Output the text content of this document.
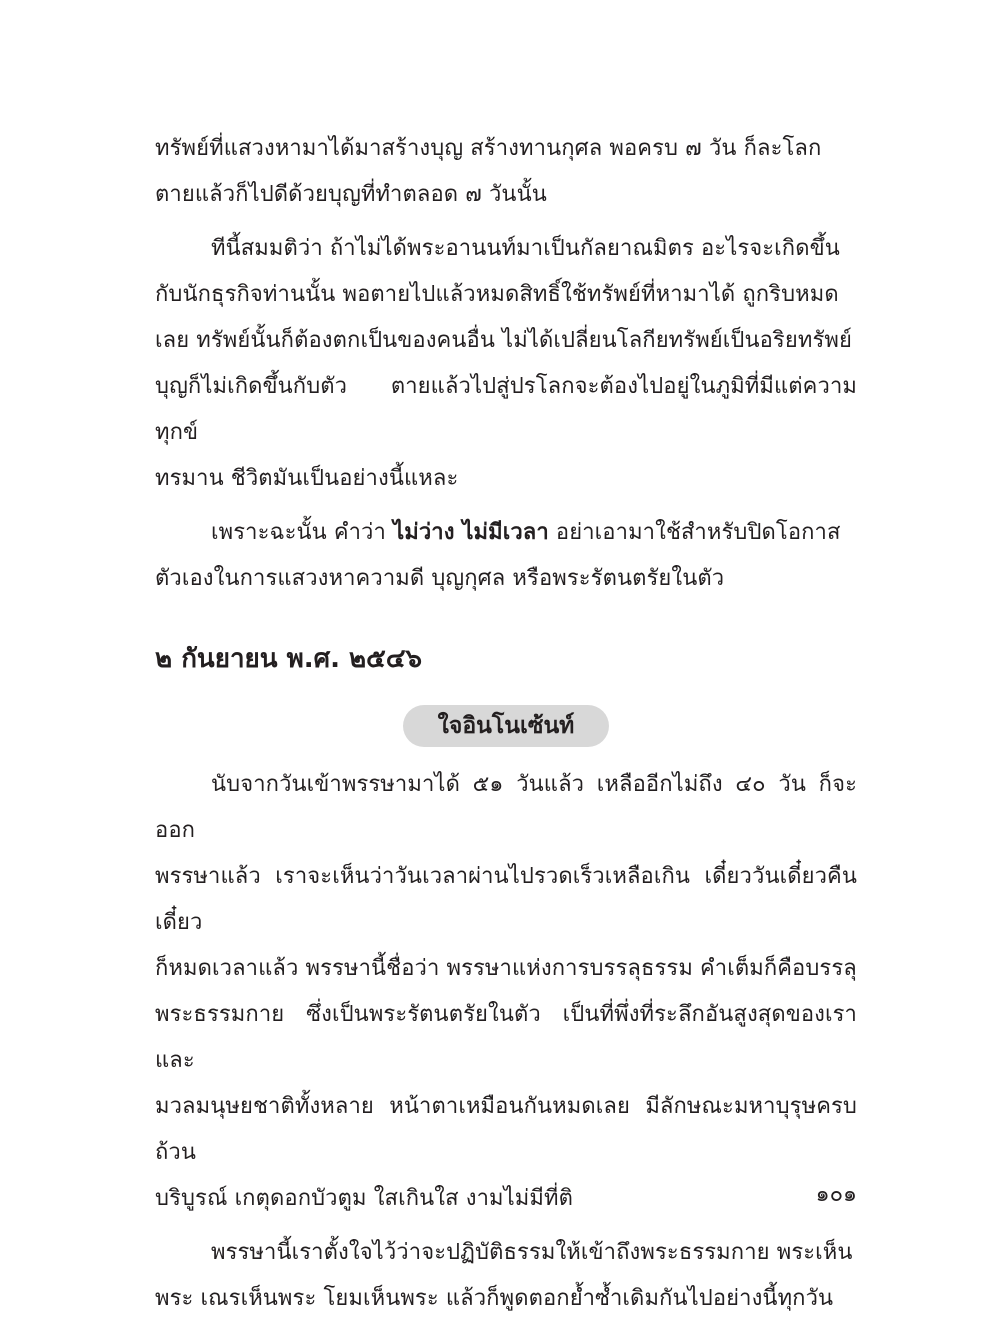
ทรัพย์ที่แสวงหามาได้มาสร้างบุญ สร้างทานกุศล พอครบ ๗ วัน ก็ละโลก
ตายแล้วก็ไปดีด้วยบุญที่ทำตลอด ๗ วันนั้น

ทีนี้สมมติว่า ถ้าไม่ได้พระอานนท์มาเป็นกัลยาณมิตร อะไรจะเกิดขึ้น
กับนักธุรกิจท่านนั้น พอตายไปแล้วหมดสิทธิ์ใช้ทรัพย์ที่หามาได้ ถูกริบหมด
เลย ทรัพย์นั้นก็ต้องตกเป็นของคนอื่น ไม่ได้เปลี่ยนโลกียทรัพย์เป็นอริยทรัพย์
บุญก็ไม่เกิดขึ้นกับตัว ตายแล้วไปสู่ปรโลกจะต้องไปอยู่ในภูมิที่มีแต่ความทุกข์
ทรมาน ชีวิตมันเป็นอย่างนี้แหละ

เพราะฉะนั้น คำว่า ไม่ว่าง ไม่มีเวลา อย่าเอามาใช้สำหรับปิดโอกาส
ตัวเองในการแสวงหาความดี บุญกุศล หรือพระรัตนตรัยในตัว

๒ กันยายน พ.ศ. ๒๕๔๖
ใจอินโนเซ้นท์

นับจากวันเข้าพรรษามาได้ ๕๑ วันแล้ว เหลืออีกไม่ถึง ๔๐ วัน ก็จะออก
พรรษาแล้ว เราจะเห็นว่าวันเวลาผ่านไปรวดเร็วเหลือเกิน เดี๋ยววันเดี๋ยวคืนเดี๋ยว
ก็หมดเวลาแล้ว พรรษานี้ชื่อว่า พรรษาแห่งการบรรลุธรรม คำเต็มก็คือบรรลุ
พระธรรมกาย ซึ่งเป็นพระรัตนตรัยในตัว เป็นที่พึ่งที่ระลึกอันสูงสุดของเราและ
มวลมนุษยชาติทั้งหลาย หน้าตาเหมือนกันหมดเลย มีลักษณะมหาบุรุษครบถ้วน
บริบูรณ์ เกตุดอกบัวตูม ใสเกินใส งามไม่มีที่ติ

พรรษานี้เราตั้งใจไว้ว่าจะปฏิบัติธรรมให้เข้าถึงพระธรรมกาย พระเห็น
พระ เณรเห็นพระ โยมเห็นพระ แล้วก็พูดตอกย้ำซ้ำเดิมกันไปอย่างนี้ทุกวัน

๑๐๑
